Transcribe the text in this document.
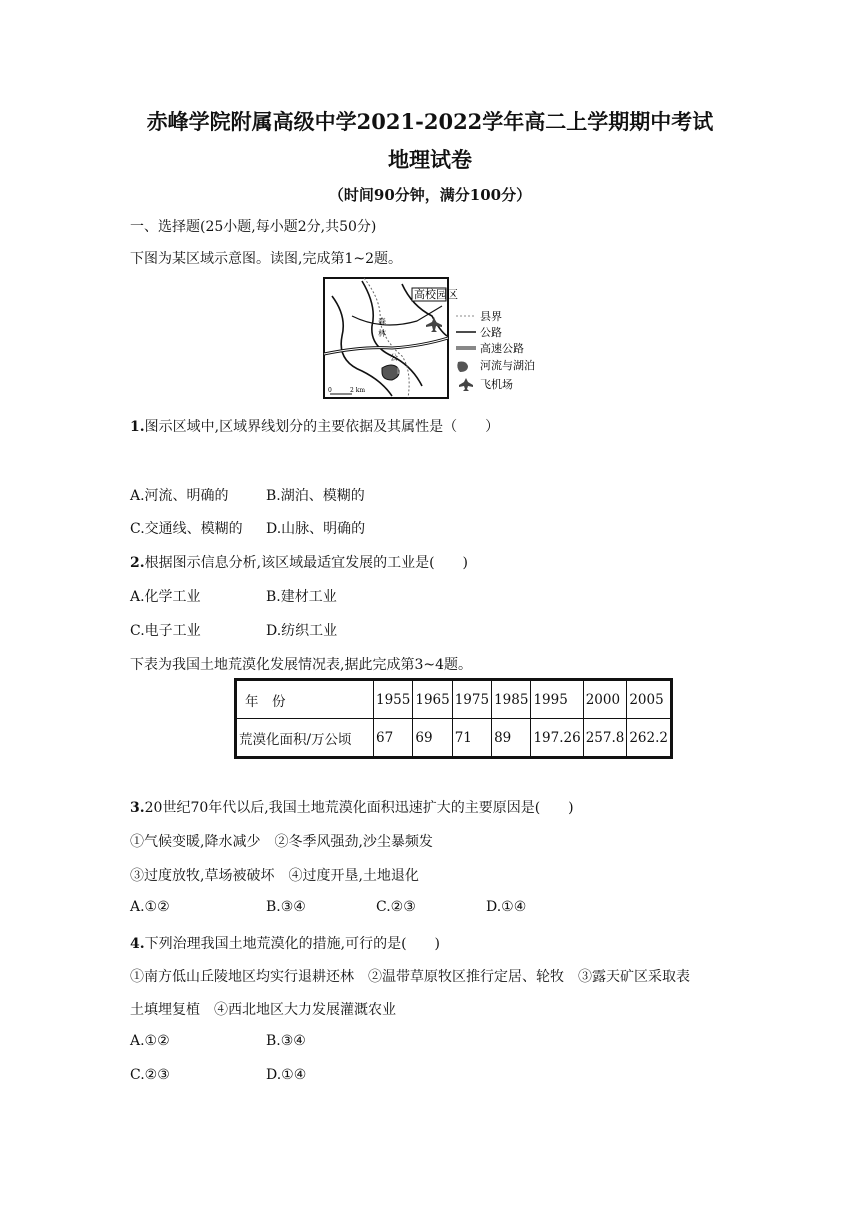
赤峰学院附属高级中学2021-2022学年高二上学期期中考试
地理试卷
（时间90分钟，满分100分）
一、选择题(25小题,每小题2分,共50分)
下图为某区域示意图。读图,完成第1~2题。
高校园区
森
林
公
园
0	2 km
县界
公路
高速公路
河流与湖泊
飞机场
1.图示区域中,区域界线划分的主要依据及其属性是（　　）
A.河流、明确的	B.湖泊、模糊的
C.交通线、模糊的 D.山脉、明确的
2.根据图示信息分析,该区域最适宜发展的工业是(　　)
A.化学工业	B.建材工业
C.电子工业	D.纺织工业
下表为我国土地荒漠化发展情况表,据此完成第3~4题。
年　份	1955	1965	1975	1985	1995	2000	2005
荒漠化面积/万公顷	67	69	71	89	197.26	257.8	262.2
3.20世纪70年代以后,我国土地荒漠化面积迅速扩大的主要原因是(　　)
①气候变暖,降水减少　②冬季风强劲,沙尘暴频发
③过度放牧,草场被破坏　④过度开垦,土地退化
A.①②	B.③④	C.②③	D.①④
4.下列治理我国土地荒漠化的措施,可行的是(　　)
①南方低山丘陵地区均实行退耕还林　②温带草原牧区推行定居、轮牧　③露天矿区采取表
土填埋复植　④西北地区大力发展灌溉农业
A.①②	B.③④
C.②③	D.①④
